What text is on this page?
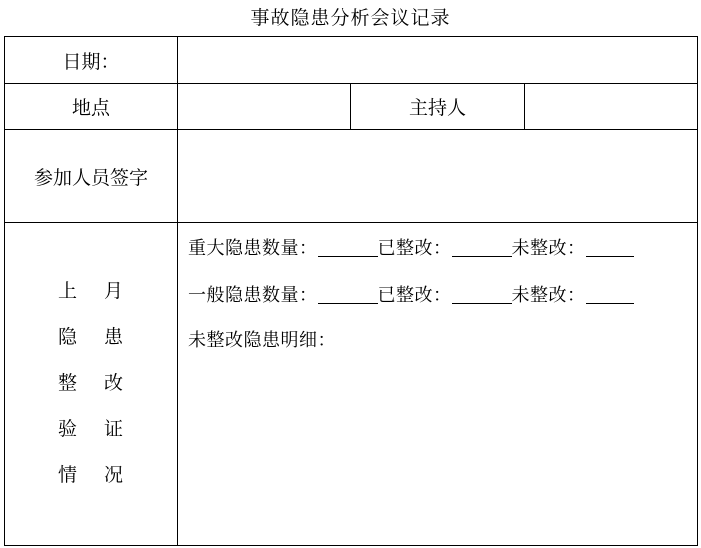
事故隐患分析会议记录
日期：
地点	主持人
参加人员签字
上 月
隐 患
整 改
验 证
情 况
重大隐患数量：	已整改：	未整改：
一般隐患数量：	已整改：	未整改：
未整改隐患明细：
